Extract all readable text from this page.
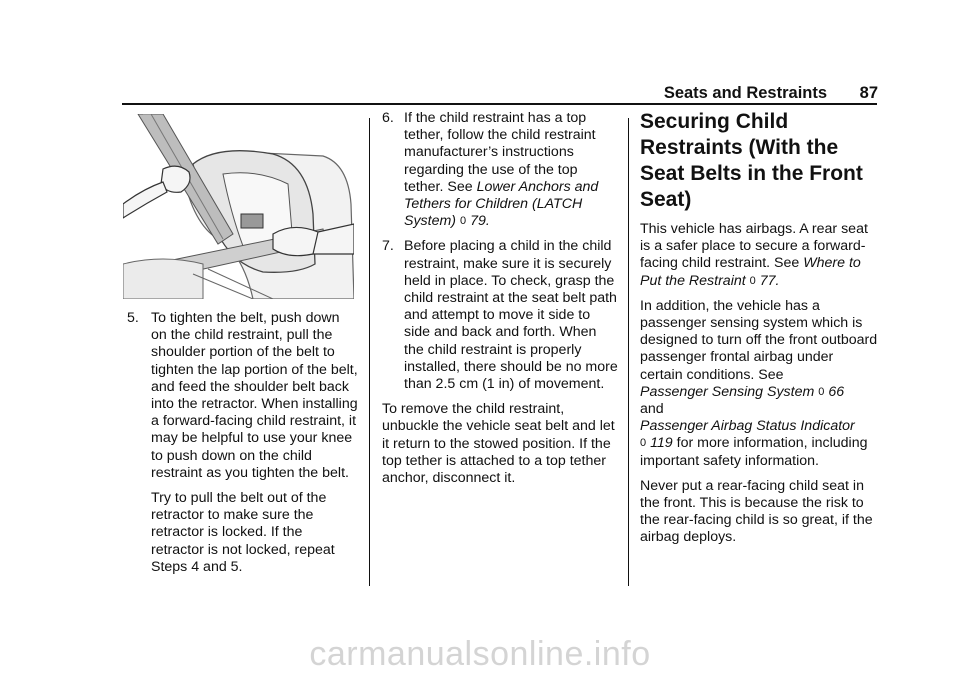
Seats and Restraints 87
5. To tighten the belt, push down on the child restraint, pull the shoulder portion of the belt to tighten the lap portion of the belt, and feed the shoulder belt back into the retractor. When installing a forward-facing child restraint, it may be helpful to use your knee to push down on the child restraint as you tighten the belt.

Try to pull the belt out of the retractor to make sure the retractor is locked. If the retractor is not locked, repeat Steps 4 and 5.

6. If the child restraint has a top tether, follow the child restraint manufacturer’s instructions regarding the use of the top tether. See Lower Anchors and Tethers for Children (LATCH System) 0 79.
7. Before placing a child in the child restraint, make sure it is securely held in place. To check, grasp the child restraint at the seat belt path and attempt to move it side to side and back and forth. When the child restraint is properly installed, there should be no more than 2.5 cm (1 in) of movement.

To remove the child restraint, unbuckle the vehicle seat belt and let it return to the stowed position. If the top tether is attached to a top tether anchor, disconnect it.

Securing Child Restraints (With the Seat Belts in the Front Seat)

This vehicle has airbags. A rear seat is a safer place to secure a forward-facing child restraint. See Where to Put the Restraint 0 77.

In addition, the vehicle has a passenger sensing system which is designed to turn off the front outboard passenger frontal airbag under certain conditions. See
Passenger Sensing System 0 66
and
Passenger Airbag Status Indicator
0 119 for more information, including important safety information.

Never put a rear-facing child seat in the front. This is because the risk to the rear-facing child is so great, if the airbag deploys.

carmanualsonline.info
